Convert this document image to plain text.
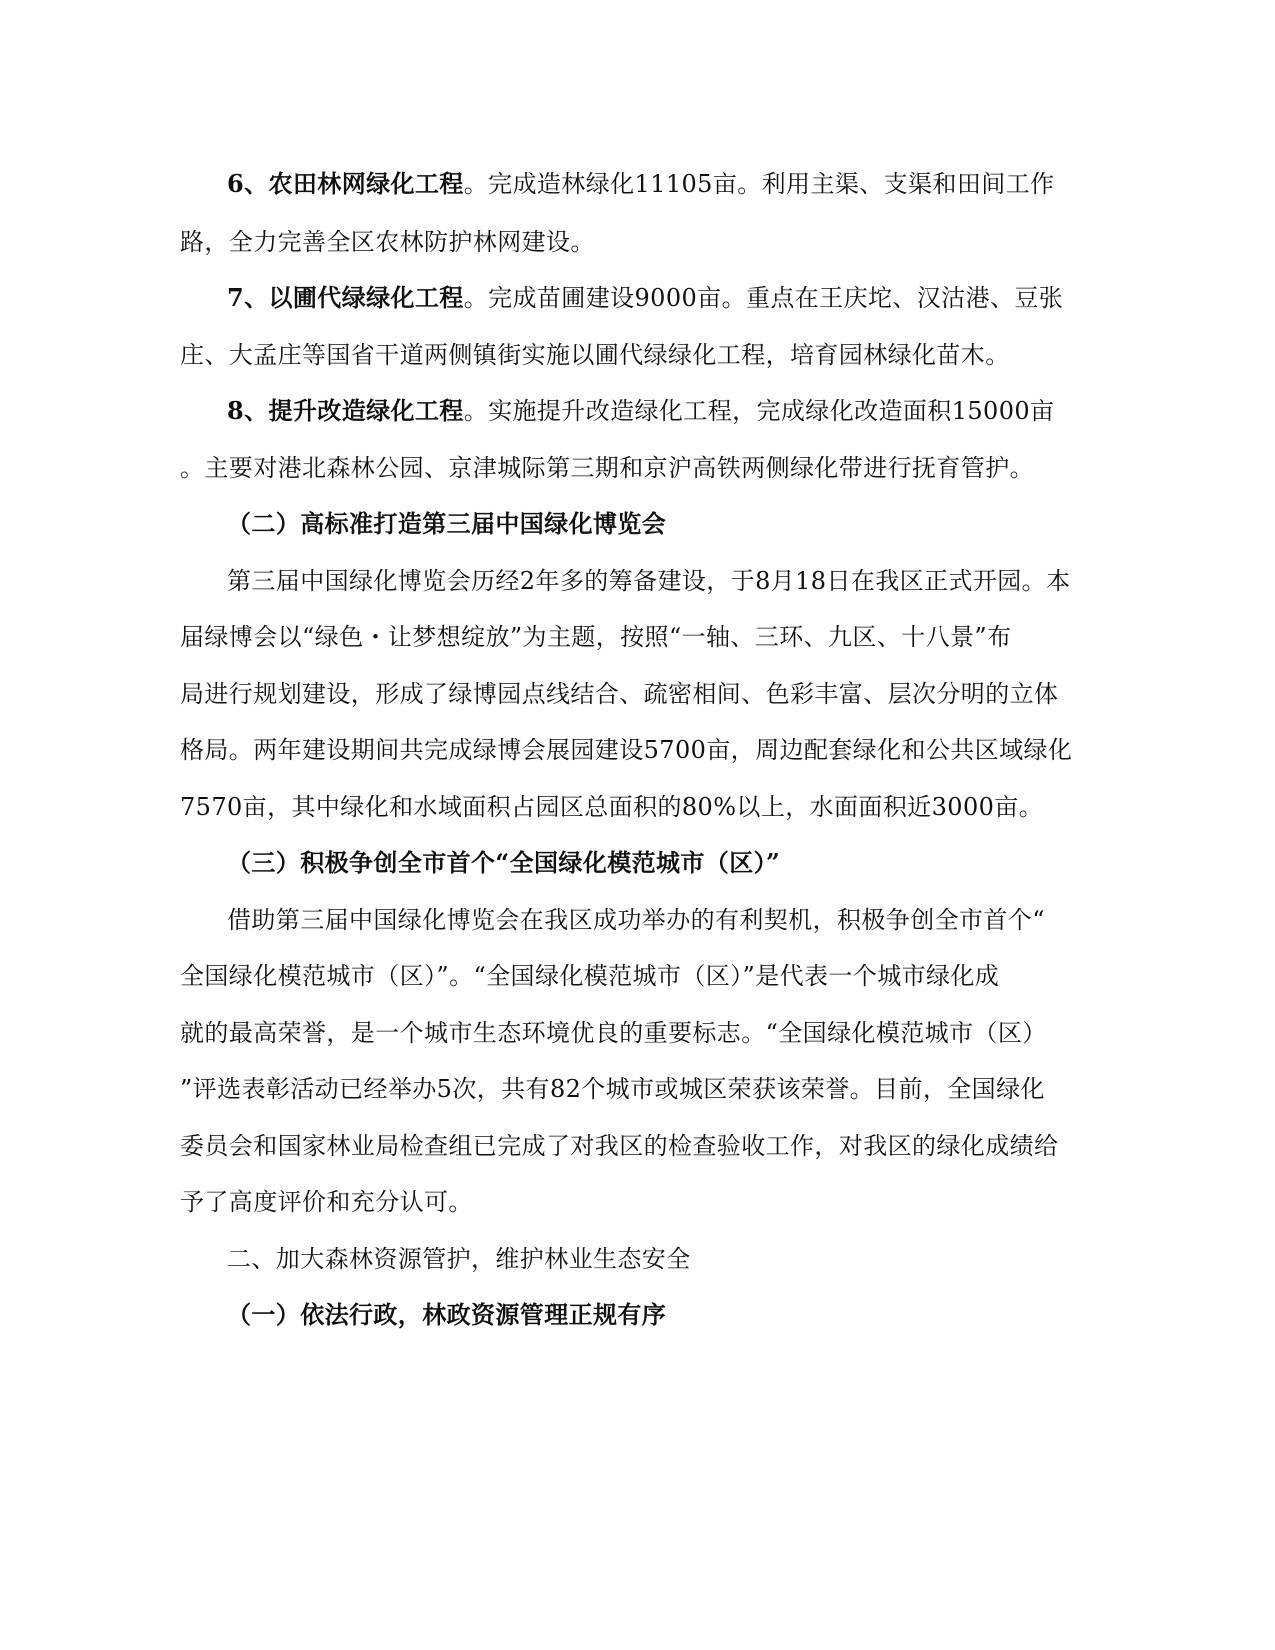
6、农田林网绿化工程。完成造林绿化11105亩。利用主渠、支渠和田间工作
路，全力完善全区农林防护林网建设。
7、以圃代绿绿化工程。完成苗圃建设9000亩。重点在王庆坨、汉沽港、豆张
庄、大孟庄等国省干道两侧镇街实施以圃代绿绿化工程，培育园林绿化苗木。
8、提升改造绿化工程。实施提升改造绿化工程，完成绿化改造面积15000亩
。主要对港北森林公园、京津城际第三期和京沪高铁两侧绿化带进行抚育管护。
（二）高标准打造第三届中国绿化博览会
第三届中国绿化博览会历经2年多的筹备建设，于8月18日在我区正式开园。本
届绿博会以“绿色・让梦想绽放”为主题，按照“一轴、三环、九区、十八景”布
局进行规划建设，形成了绿博园点线结合、疏密相间、色彩丰富、层次分明的立体
格局。两年建设期间共完成绿博会展园建设5700亩，周边配套绿化和公共区域绿化
7570亩，其中绿化和水域面积占园区总面积的80%以上，水面面积近3000亩。
（三）积极争创全市首个“全国绿化模范城市（区）”
借助第三届中国绿化博览会在我区成功举办的有利契机，积极争创全市首个“
全国绿化模范城市（区）”。“全国绿化模范城市（区）”是代表一个城市绿化成
就的最高荣誉，是一个城市生态环境优良的重要标志。“全国绿化模范城市（区）
”评选表彰活动已经举办5次，共有82个城市或城区荣获该荣誉。目前，全国绿化
委员会和国家林业局检查组已完成了对我区的检查验收工作，对我区的绿化成绩给
予了高度评价和充分认可。
二、加大森林资源管护，维护林业生态安全
（一）依法行政，林政资源管理正规有序
